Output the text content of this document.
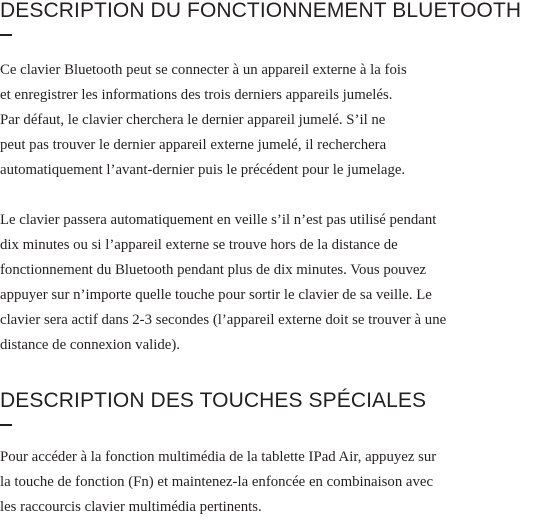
DESCRIPTION DU FONCTIONNEMENT BLUETOOTH

Ce clavier Bluetooth peut se connecter à un appareil externe à la fois
et enregistrer les informations des trois derniers appareils jumelés.
Par défaut, le clavier cherchera le dernier appareil jumelé. S’il ne
peut pas trouver le dernier appareil externe jumelé, il recherchera
automatiquement l’avant-dernier puis le précédent pour le jumelage.

Le clavier passera automatiquement en veille s’il n’est pas utilisé pendant
dix minutes ou si l’appareil externe se trouve hors de la distance de
fonctionnement du Bluetooth pendant plus de dix minutes. Vous pouvez
appuyer sur n’importe quelle touche pour sortir le clavier de sa veille. Le
clavier sera actif dans 2-3 secondes (l’appareil externe doit se trouver à une
distance de connexion valide).

DESCRIPTION DES TOUCHES SPÉCIALES

Pour accéder à la fonction multimédia de la tablette IPad Air, appuyez sur
la touche de fonction (Fn) et maintenez-la enfoncée en combinaison avec
les raccourcis clavier multimédia pertinents.
